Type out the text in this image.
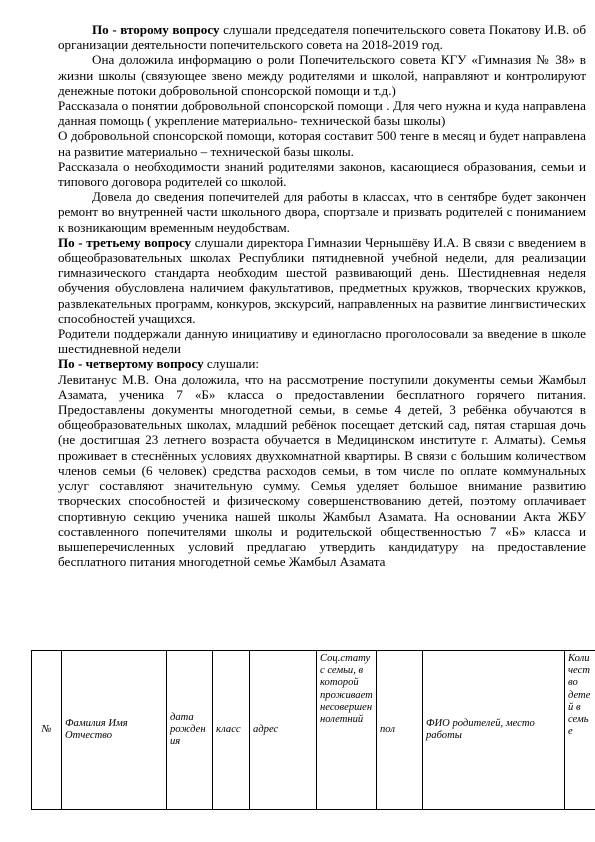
По - второму вопросу слушали председателя попечительского совета Покатову И.В. об организации деятельности попечительского совета на 2018-2019 год.

Она доложила информацию о роли Попечительского совета КГУ «Гимназия № 38» в жизни школы (связующее звено между родителями и школой, направляют и контролируют денежные потоки добровольной спонсорской помощи и т.д.)

Рассказала о понятии добровольной спонсорской помощи . Для чего нужна и куда направлена данная помощь ( укрепление материально- технической базы школы)

О добровольной спонсорской помощи, которая составит 500 тенге в месяц и будет направлена на развитие материально – технической базы школы.

Рассказала о необходимости знаний родителями законов, касающиеся образования, семьи и типового договора родителей со школой.

Довела до сведения попечителей для работы в классах, что в сентябре будет закончен ремонт во внутренней части школьного двора, спортзале и призвать родителей с пониманием к возникающим временным неудобствам.

По - третьему вопросу слушали директора Гимназии Чернышёву И.А. В связи с введением в общеобразовательных школах Республики пятидневной учебной недели, для реализации гимназического стандарта необходим шестой развивающий день. Шестидневная неделя обучения обусловлена наличием факультативов, предметных кружков, творческих кружков, развлекательных программ, конкуров, экскурсий, направленных на развитие лингвистических способностей учащихся.

Родители поддержали данную инициативу и единогласно проголосовали за введение в школе шестидневной недели

По - четвертому вопросу слушали:

Левитанус М.В. Она доложила, что на рассмотрение поступили документы семьи Жамбыл Азамата, ученика 7 «Б» класса о предоставлении бесплатного горячего питания. Предоставлены документы многодетной семьи, в семье 4 детей, 3 ребёнка обучаются в общеобразовательных школах, младший ребёнок посещает детский сад, пятая старшая дочь (не достигшая 23 летнего возраста обучается в Медицинском институте г. Алматы). Семья проживает в стеснённых условиях двухкомнатной квартиры. В связи с большим количеством членов семьи (6 человек) средства расходов семьи, в том числе по оплате коммунальных услуг составляют значительную сумму. Семья уделяет большое внимание развитию творческих способностей и физическому совершенствованию детей, поэтому оплачивает спортивную секцию ученика нашей школы Жамбыл Азамата. На основании Акта ЖБУ составленного попечителями школы и родительской общественностью 7 «Б» класса и вышеперечисленных условий предлагаю утвердить кандидатуру на предоставление бесплатного питания многодетной семье Жамбыл Азамата

№	Фамилия Имя Отчество	дата рождения	класс	адрес	Соц.статус семьи, в которой проживает несовершеннолетний	пол	ФИО родителей, место работы	Количество детей в семье
